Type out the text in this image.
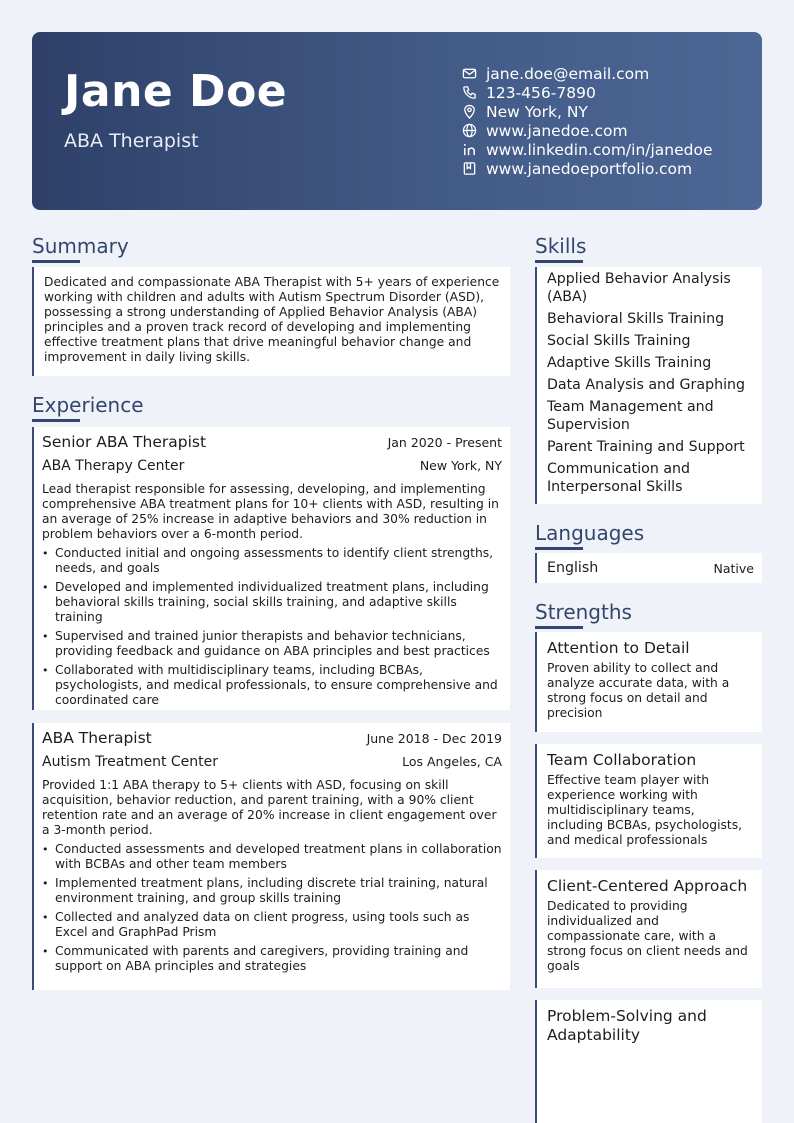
Jane Doe
ABA Therapist
jane.doe@email.com
123-456-7890
New York, NY
www.janedoe.com
www.linkedin.com/in/janedoe
www.janedoeportfolio.com
Summary
Dedicated and compassionate ABA Therapist with 5+ years of experience working with children and adults with Autism Spectrum Disorder (ASD), possessing a strong understanding of Applied Behavior Analysis (ABA) principles and a proven track record of developing and implementing effective treatment plans that drive meaningful behavior change and improvement in daily living skills.
Experience
Senior ABA Therapist	Jan 2020 - Present
ABA Therapy Center	New York, NY
Lead therapist responsible for assessing, developing, and implementing comprehensive ABA treatment plans for 10+ clients with ASD, resulting in an average of 25% increase in adaptive behaviors and 30% reduction in problem behaviors over a 6-month period.
• Conducted initial and ongoing assessments to identify client strengths, needs, and goals
• Developed and implemented individualized treatment plans, including behavioral skills training, social skills training, and adaptive skills training
• Supervised and trained junior therapists and behavior technicians, providing feedback and guidance on ABA principles and best practices
• Collaborated with multidisciplinary teams, including BCBAs, psychologists, and medical professionals, to ensure comprehensive and coordinated care
ABA Therapist	June 2018 - Dec 2019
Autism Treatment Center	Los Angeles, CA
Provided 1:1 ABA therapy to 5+ clients with ASD, focusing on skill acquisition, behavior reduction, and parent training, with a 90% client retention rate and an average of 20% increase in client engagement over a 3-month period.
• Conducted assessments and developed treatment plans in collaboration with BCBAs and other team members
• Implemented treatment plans, including discrete trial training, natural environment training, and group skills training
• Collected and analyzed data on client progress, using tools such as Excel and GraphPad Prism
• Communicated with parents and caregivers, providing training and support on ABA principles and strategies
Skills
Applied Behavior Analysis (ABA)
Behavioral Skills Training
Social Skills Training
Adaptive Skills Training
Data Analysis and Graphing
Team Management and Supervision
Parent Training and Support
Communication and Interpersonal Skills
Languages
English	Native
Strengths
Attention to Detail
Proven ability to collect and analyze accurate data, with a strong focus on detail and precision
Team Collaboration
Effective team player with experience working with multidisciplinary teams, including BCBAs, psychologists, and medical professionals
Client-Centered Approach
Dedicated to providing individualized and compassionate care, with a strong focus on client needs and goals
Problem-Solving and Adaptability
